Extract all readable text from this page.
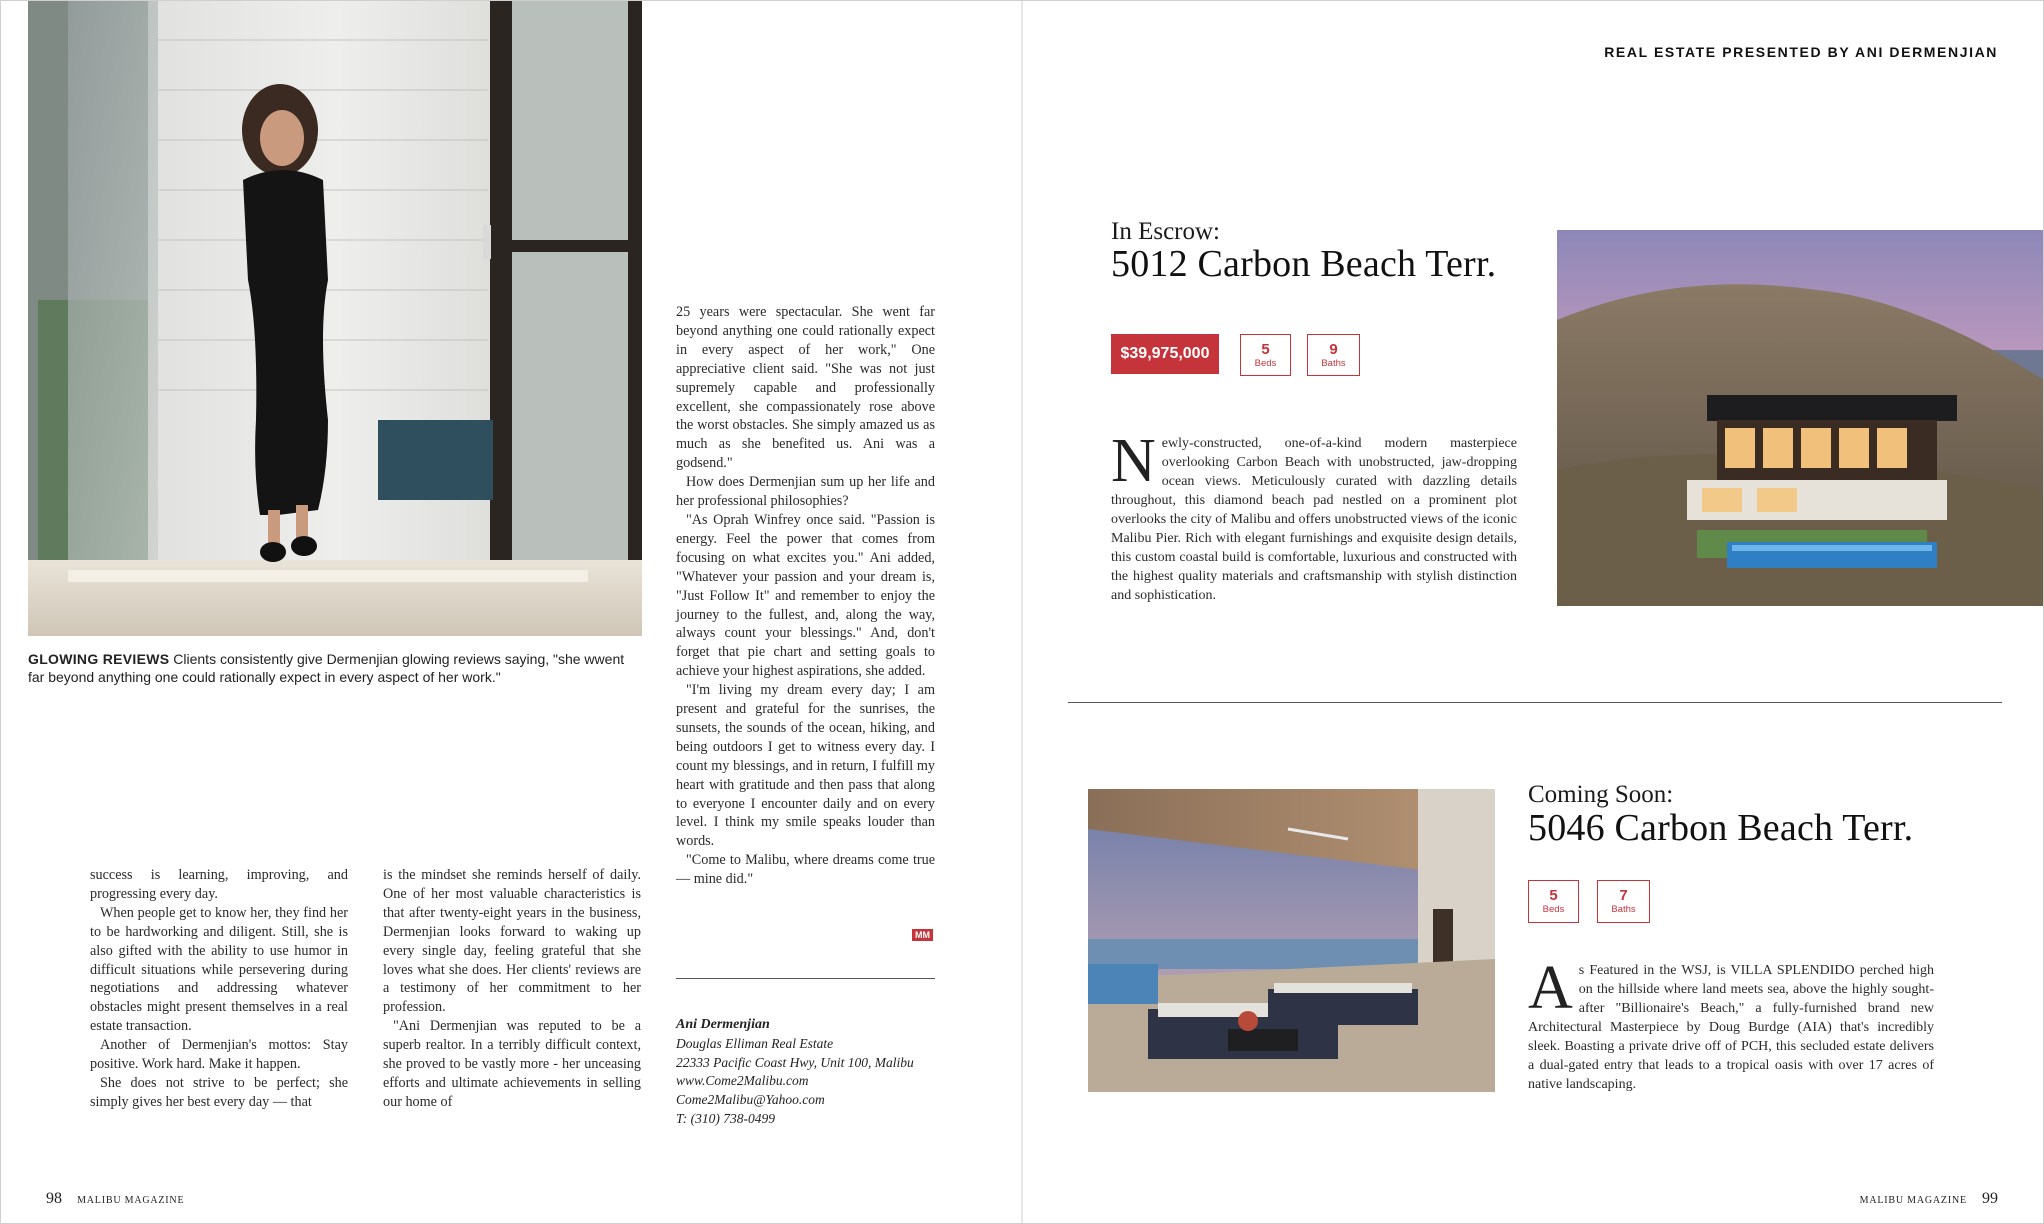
GLOWING REVIEWS Clients consistently give Dermenjian glowing reviews saying, "she wwent far beyond anything one could rationally expect in every aspect of her work."

success is learning, improving, and progressing every day.

When people get to know her, they find her to be hardworking and diligent. Still, she is also gifted with the ability to use humor in difficult situations while persevering during negotiations and addressing whatever obstacles might present themselves in a real estate transaction.

Another of Dermenjian's mottos: Stay positive. Work hard. Make it happen.

She does not strive to be perfect; she simply gives her best every day — that

is the mindset she reminds herself of daily. One of her most valuable characteristics is that after twenty-eight years in the business, Dermenjian looks forward to waking up every single day, feeling grateful that she loves what she does. Her clients' reviews are a testimony of her commitment to her profession.

"Ani Dermenjian was reputed to be a superb realtor. In a terribly difficult context, she proved to be vastly more - her unceasing efforts and ultimate achievements in selling our home of

25 years were spectacular. She went far beyond anything one could rationally expect in every aspect of her work," One appreciative client said. "She was not just supremely capable and professionally excellent, she compassionately rose above the worst obstacles. She simply amazed us as much as she benefited us. Ani was a godsend."

How does Dermenjian sum up her life and her professional philosophies?

"As Oprah Winfrey once said. "Passion is energy. Feel the power that comes from focusing on what excites you." Ani added, "Whatever your passion and your dream is, "Just Follow It" and remember to enjoy the journey to the fullest, and, along the way, always count your blessings." And, don't forget that pie chart and setting goals to achieve your highest aspirations, she added.

"I'm living my dream every day; I am present and grateful for the sunrises, the sunsets, the sounds of the ocean, hiking, and being outdoors I get to witness every day. I count my blessings, and in return, I fulfill my heart with gratitude and then pass that along to everyone I encounter daily and on every level. I think my smile speaks louder than words.

"Come to Malibu, where dreams come true — mine did."

MM
Ani Dermenjian
Douglas Elliman Real Estate
22333 Pacific Coast Hwy, Unit 100, Malibu
www.Come2Malibu.com
Come2Malibu@Yahoo.com
T: (310) 738-0499
98 MALIBU MAGAZINE
REAL ESTATE PRESENTED BY ANI DERMENJIAN
In Escrow:
5012 Carbon Beach Terr.
$39,975,000	5
Beds
9
Baths
Newly-constructed, one-of-a-kind modern masterpiece overlooking Carbon Beach with unobstructed, jaw-dropping ocean views. Meticulously curated with dazzling details throughout, this diamond beach pad nestled on a prominent plot overlooks the city of Malibu and offers unobstructed views of the iconic Malibu Pier. Rich with elegant furnishings and exquisite design details, this custom coastal build is comfortable, luxurious and constructed with the highest quality materials and craftsmanship with stylish distinction and sophistication.
Coming Soon:
5046 Carbon Beach Terr.
5
Beds
7
Baths
As Featured in the WSJ, is VILLA SPLENDIDO perched high on the hillside where land meets sea, above the highly sought-after "Billionaire's Beach," a fully-furnished brand new Architectural Masterpiece by Doug Burdge (AIA) that's incredibly sleek. Boasting a private drive off of PCH, this secluded estate delivers a dual-gated entry that leads to a tropical oasis with over 17 acres of native landscaping.
MALIBU MAGAZINE 99
